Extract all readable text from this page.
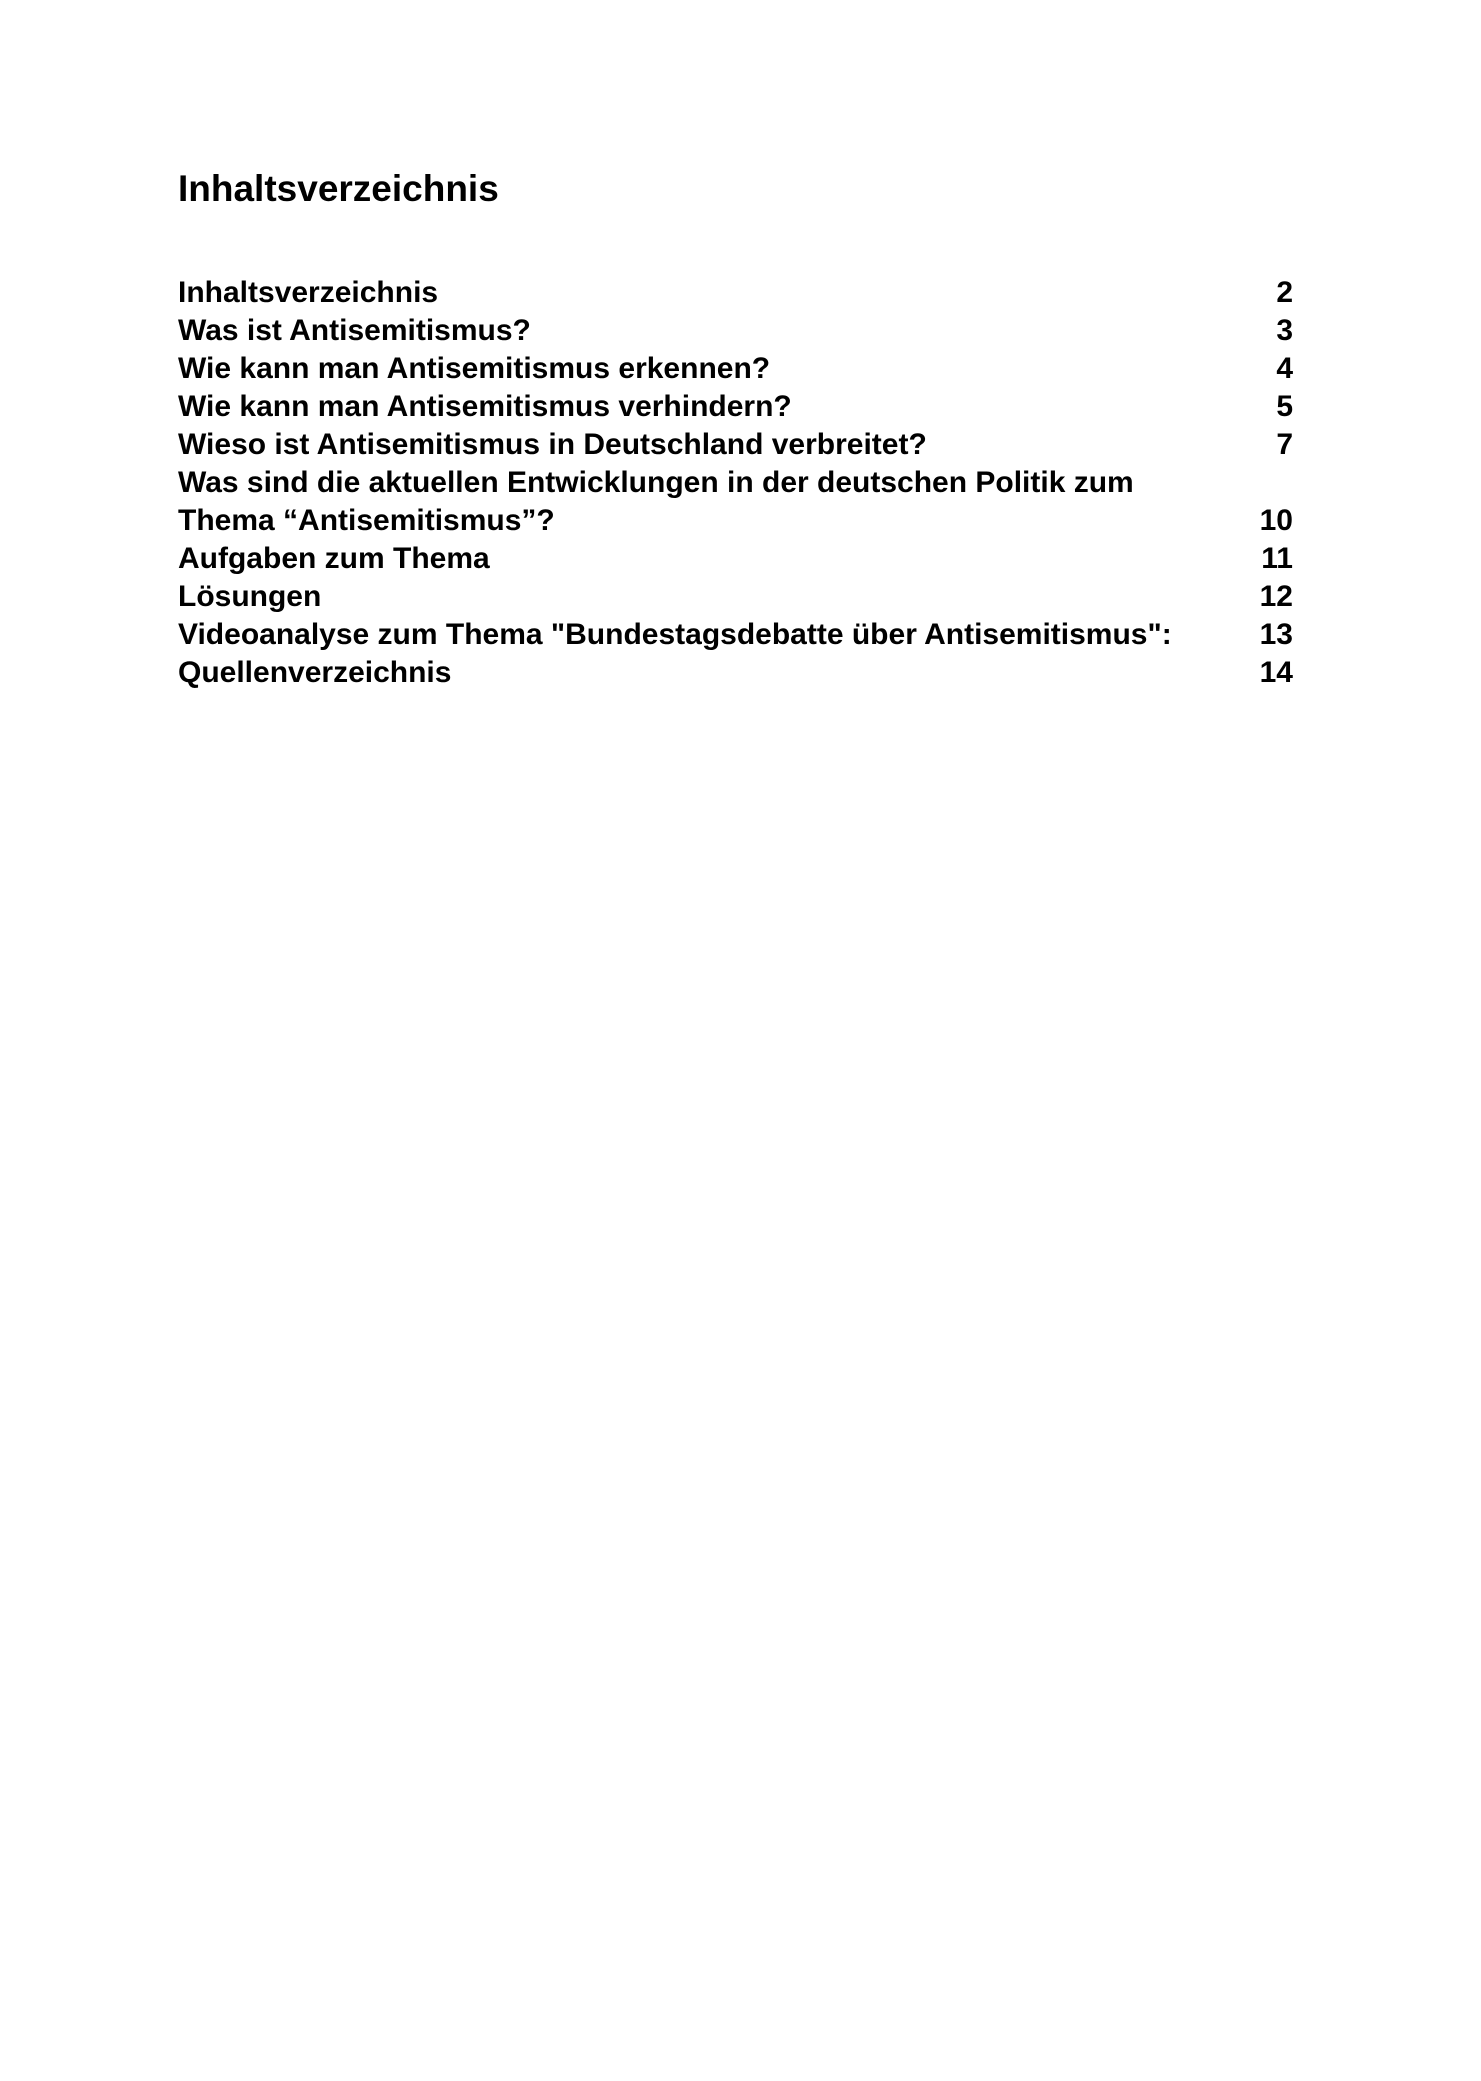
Inhaltsverzeichnis
Inhaltsverzeichnis	2
Was ist Antisemitismus?	3
Wie kann man Antisemitismus erkennen?	4
Wie kann man Antisemitismus verhindern?	5
Wieso ist Antisemitismus in Deutschland verbreitet?	7
Was sind die aktuellen Entwicklungen in der deutschen Politik zum Thema “Antisemitismus”?	10
Aufgaben zum Thema	11
Lösungen	12
Videoanalyse zum Thema "Bundestagsdebatte über Antisemitismus":	13
Quellenverzeichnis	14
